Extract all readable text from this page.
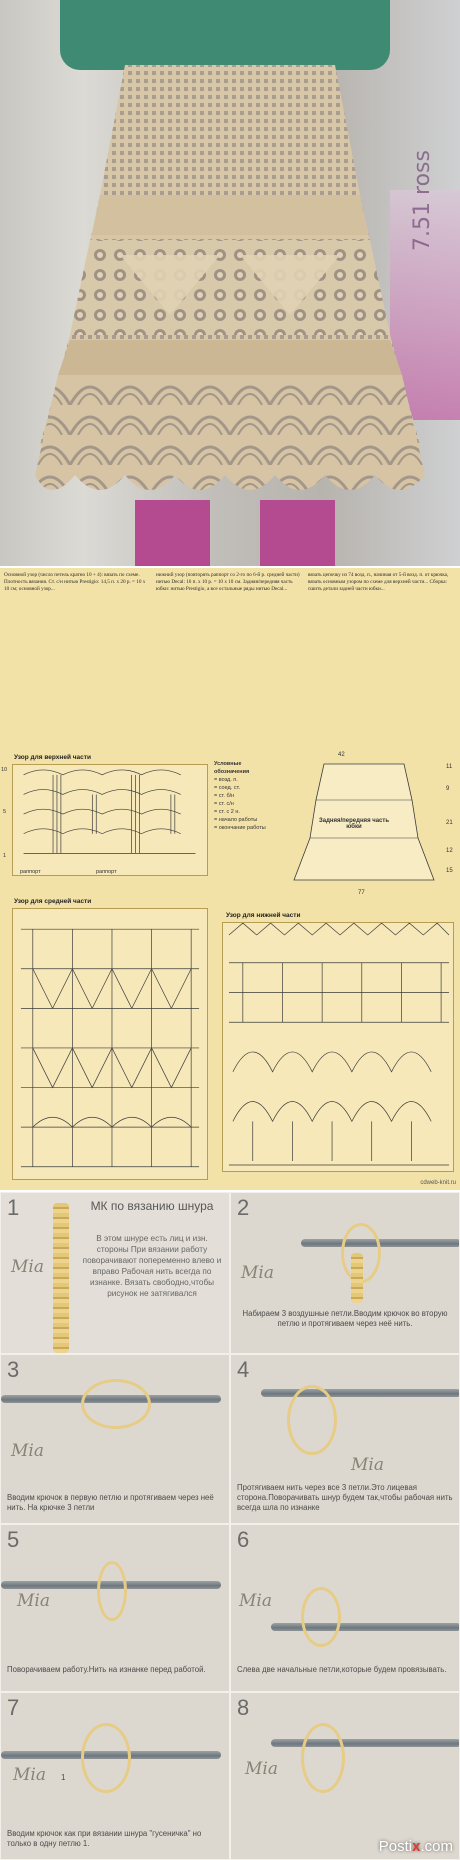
7.51 ross
Основной узор (число петель кратно 10 + 4): вязать по схеме. Плотность вязания. Ст. с/н нитью Prestigio: 14,5 п. х 20 р. = 10 х 10 см; основной узор...
нижний узор (повторять раппорт со 2-го по 6-й р. средней части) нитью Decal: 16 п. x 10 р. = 10 х 10 см. Задняя/передняя часть юбки: нитью Prestigio, а все остальные ряды нитью Decal...
вязать цепочку из 74 возд. п., начиная от 5-й возд. п. от крючка, вязать основным узором по схеме для верхней части... Сборка: сшить детали задней части юбки...
Узор для верхней части
раппорт	раппорт
10
5
1
Условные обозначения
= возд. п.
= соед. ст.
= ст. б/н
= ст. с/н
= ст. с 2 н.
= начало работы
= окончание работы
42
Задняя/передняя часть юбки
77
11
9
21
12
15
Узор для средней части
Узор для нижней части
cdweb-knit.ru
1
Mia
МК по вязанию шнура
В этом шнуре есть лиц и изн. стороны При вязании работу поворачивают попеременно влево и вправо Рабочая нить всегда по изнанке. Вязать свободно,чтобы рисунок не затягивался
2
Mia
Набираем 3 воздушные петли.Вводим крючок во вторую петлю и протягиваем через неё нить.
3
Mia
Вводим крючок в первую петлю и протягиваем через неё нить. На крючке 3 петли
4
Mia
Протягиваем нить через все 3 петли.Это лицевая сторона.Поворачивать шнур будем так,чтобы рабочая нить всегда шла по изнанке
5
Mia
Поворачиваем работу.Нить на изнанке перед работой.
6
Mia
Слева две начальные петли,которые будем провязывать.
7
1
Mia
Вводим крючок как при вязании шнура "гусеничка" но только в одну петлю 1.
8
Mia
Postix.com
